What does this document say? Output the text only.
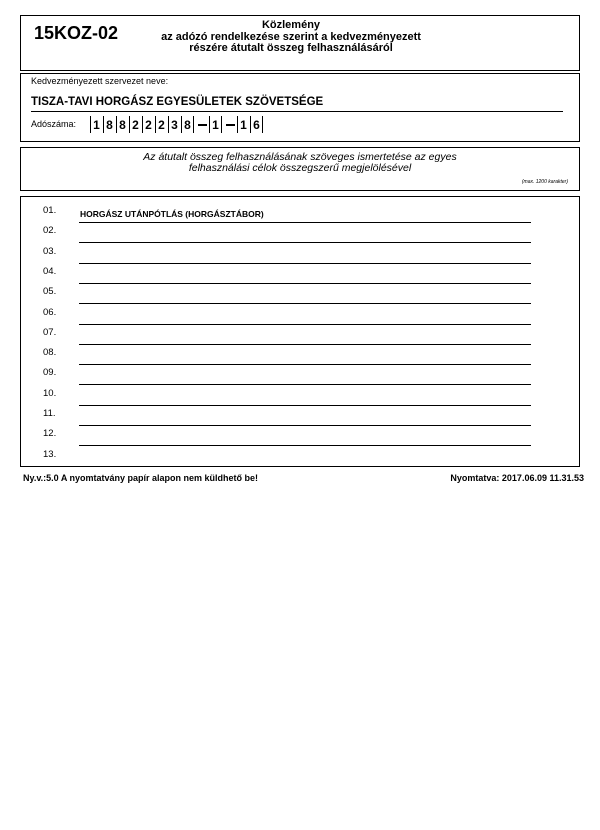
15KOZ-02	Közlemény
az adózó rendelkezése szerint a kedvezményezett
részére átutalt összeg felhasználásáról
Kedvezményezett szervezet neve:
TISZA-TAVI HORGÁSZ EGYESÜLETEK SZÖVETSÉGE
Adószáma: 1 8 8 2 2 2 3 8 1 1 6
Az átutalt összeg felhasználásának szöveges ismertetése az egyes
felhasználási célok összegszerű megjelölésével
(max. 1200 karakter)
01.	HORGÁSZ UTÁNPÓTLÁS (HORGÁSZTÁBOR)
02.
03.
04.
05.
06.
07.
08.
09.
10.
11.
12.
13.
Ny.v.:5.0 A nyomtatvány papír alapon nem küldhető be!	Nyomtatva: 2017.06.09 11.31.53
